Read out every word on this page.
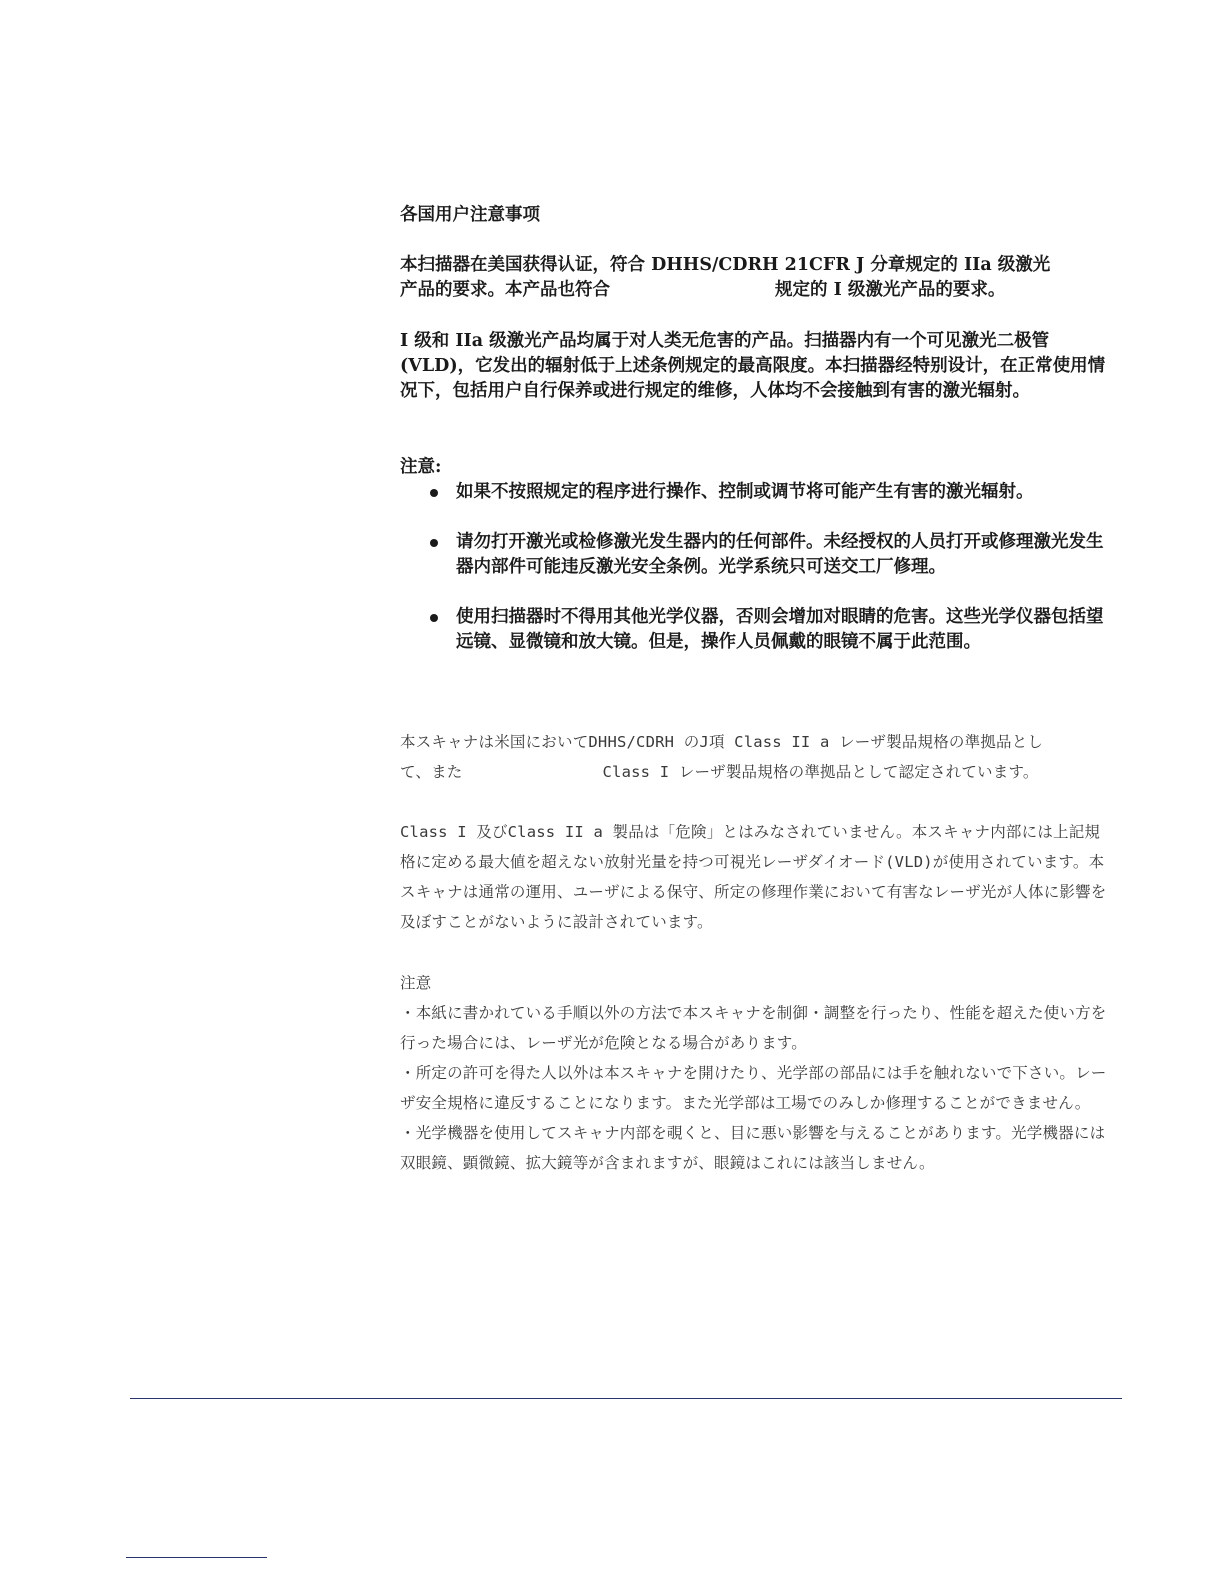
各国用户注意事项

本扫描器在美国获得认证，符合 DHHS/CDRH 21CFR J 分章规定的 IIa 级激光

产品的要求。本产品也符合	规定的 I 级激光产品的要求。

I 级和 IIa 级激光产品均属于对人类无危害的产品。扫描器内有一个可见激光二极管(VLD)，它发出的辐射低于上述条例规定的最高限度。本扫描器经特别设计，在正常使用情况下，包括用户自行保养或进行规定的维修，人体均不会接触到有害的激光辐射。

注意:

如果不按照规定的程序进行操作、控制或调节将可能产生有害的激光辐射。
请勿打开激光或检修激光发生器内的任何部件。未经授权的人员打开或修理激光发生器内部件可能违反激光安全条例。光学系统只可送交工厂修理。
使用扫描器时不得用其他光学仪器，否则会增加对眼睛的危害。这些光学仪器包括望远镜、显微镜和放大镜。但是，操作人员佩戴的眼镜不属于此范围。

本スキャナは米国においてDHHS/CDRH のJ項 Class II a レーザ製品規格の準拠品とし

て、また	Class I レーザ製品規格の準拠品として認定されています。

Class I 及びClass II a 製品は「危険」とはみなされていません。本スキャナ内部には上記規格に定める最大値を超えない放射光量を持つ可視光レーザダイオード(VLD)が使用されています。本スキャナは通常の運用、ユーザによる保守、所定の修理作業において有害なレーザ光が人体に影響を及ぼすことがないように設計されています。

注意

・本紙に書かれている手順以外の方法で本スキャナを制御・調整を行ったり、性能を超えた使い方を行った場合には、レーザ光が危険となる場合があります。

・所定の許可を得た人以外は本スキャナを開けたり、光学部の部品には手を触れないで下さい。レーザ安全規格に違反することになります。また光学部は工場でのみしか修理することができません。

・光学機器を使用してスキャナ内部を覗くと、目に悪い影響を与えることがあります。光学機器には双眼鏡、顕微鏡、拡大鏡等が含まれますが、眼鏡はこれには該当しません。
